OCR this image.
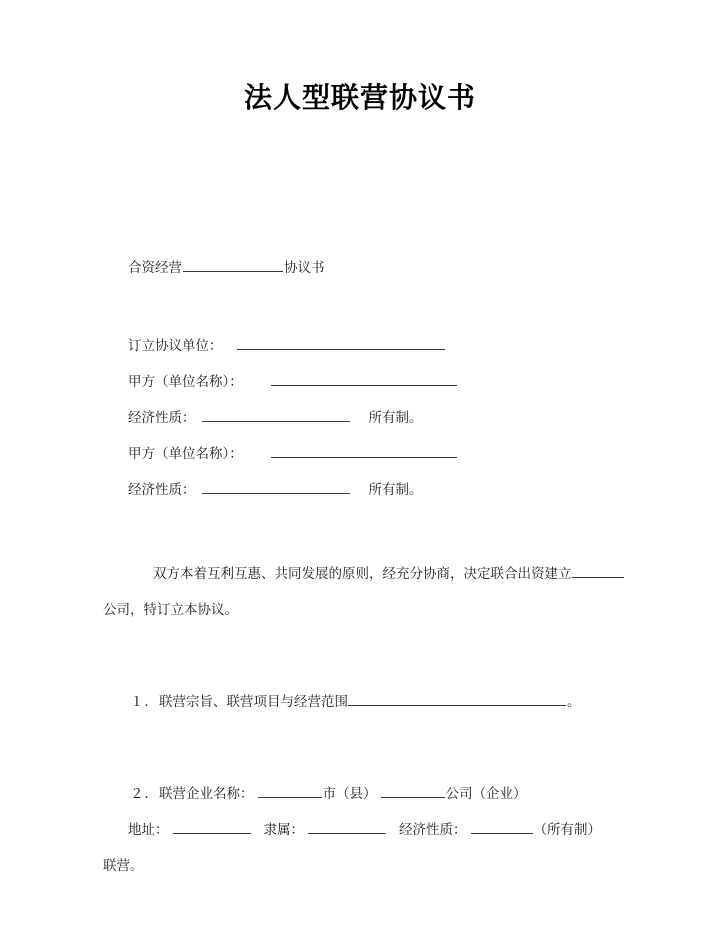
法人型联营协议书
合资经营	协议书
订立协议单位：
甲方（单位名称）：
经济性质：	所有制。
甲方（单位名称）：
经济性质：	所有制。
双方本着互利互惠、共同发展的原则，经充分协商，决定联合出资建立
公司，特订立本协议。
１．联营宗旨、联营项目与经营范围	。
２．联营企业名称：	市（县）	公司（企业）
地址：	隶属：	经济性质：	（所有制）
联营。
